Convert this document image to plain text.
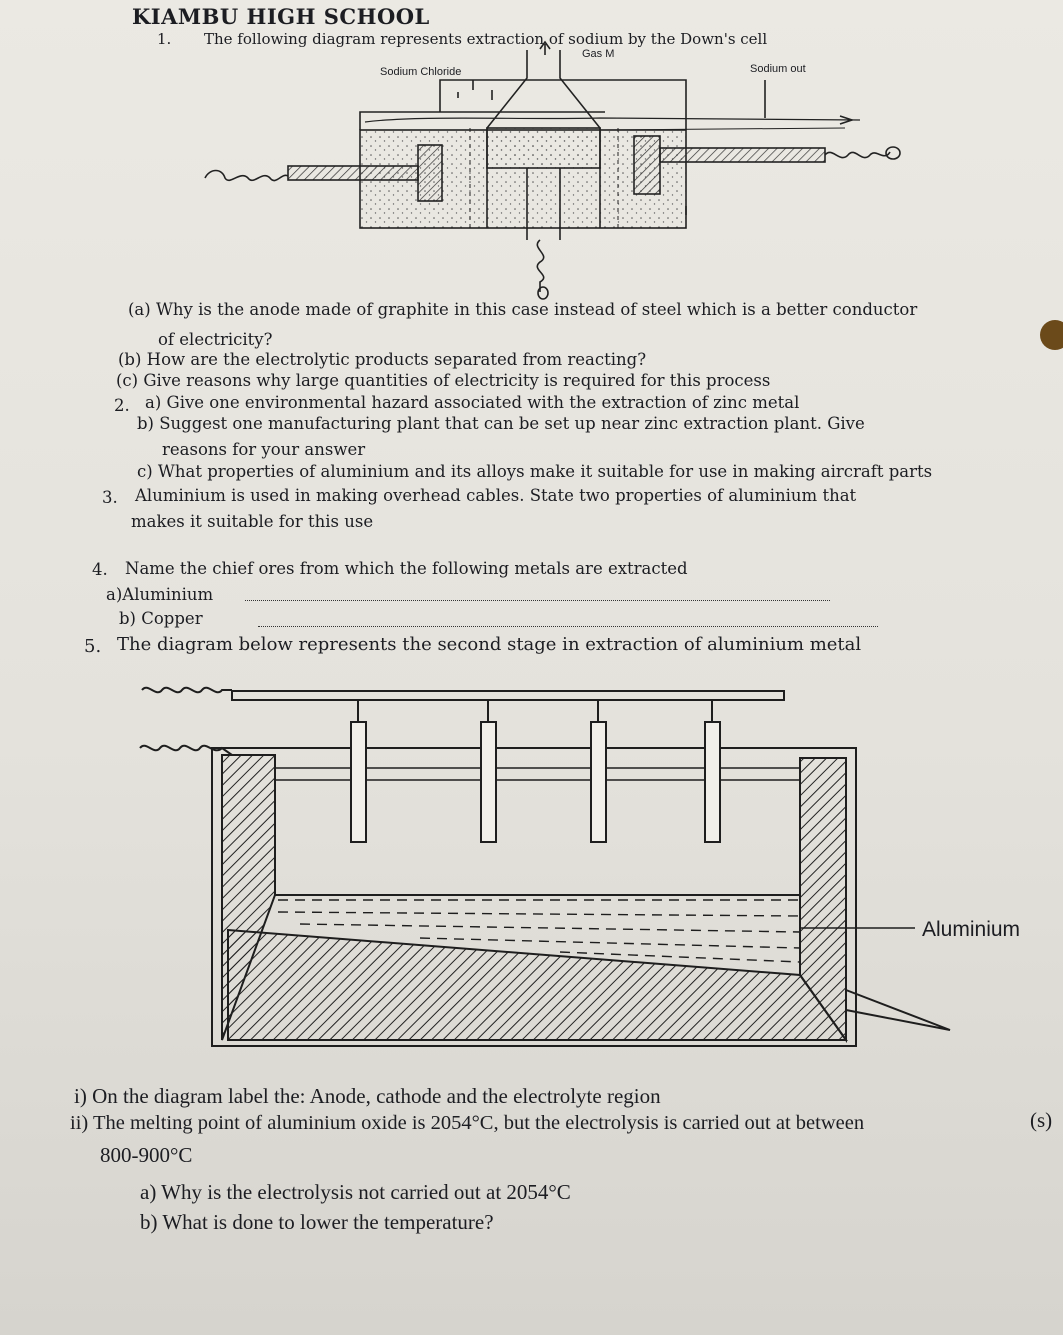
KIAMBU HIGH SCHOOL
1. The following diagram represents extraction of sodium by the Down's cell
Sodium Chloride
Gas M
Sodium out
(a) Why is the anode made of graphite in this case instead of steel which is a better conductor
of electricity?
(b) How are the electrolytic products separated from reacting?
(c) Give reasons why large quantities of electricity is required for this process
2. a) Give one environmental hazard associated with the extraction of zinc metal
b) Suggest one manufacturing plant that can be set up near zinc extraction plant. Give
reasons for your answer
c) What properties of aluminium and its alloys make it suitable for use in making aircraft parts
3. Aluminium is used in making overhead cables. State two properties of aluminium that
makes it suitable for this use
4. Name the chief ores from which the following metals are extracted
a)Aluminium
b) Copper
5. The diagram below represents the second stage in extraction of aluminium metal
Aluminium
i) On the diagram label the: Anode, cathode and the electrolyte region
(s)
ii) The melting point of aluminium oxide is 2054°C, but the electrolysis is carried out at between
800-900°C
a) Why is the electrolysis not carried out at 2054°C
b) What is done to lower the temperature?
